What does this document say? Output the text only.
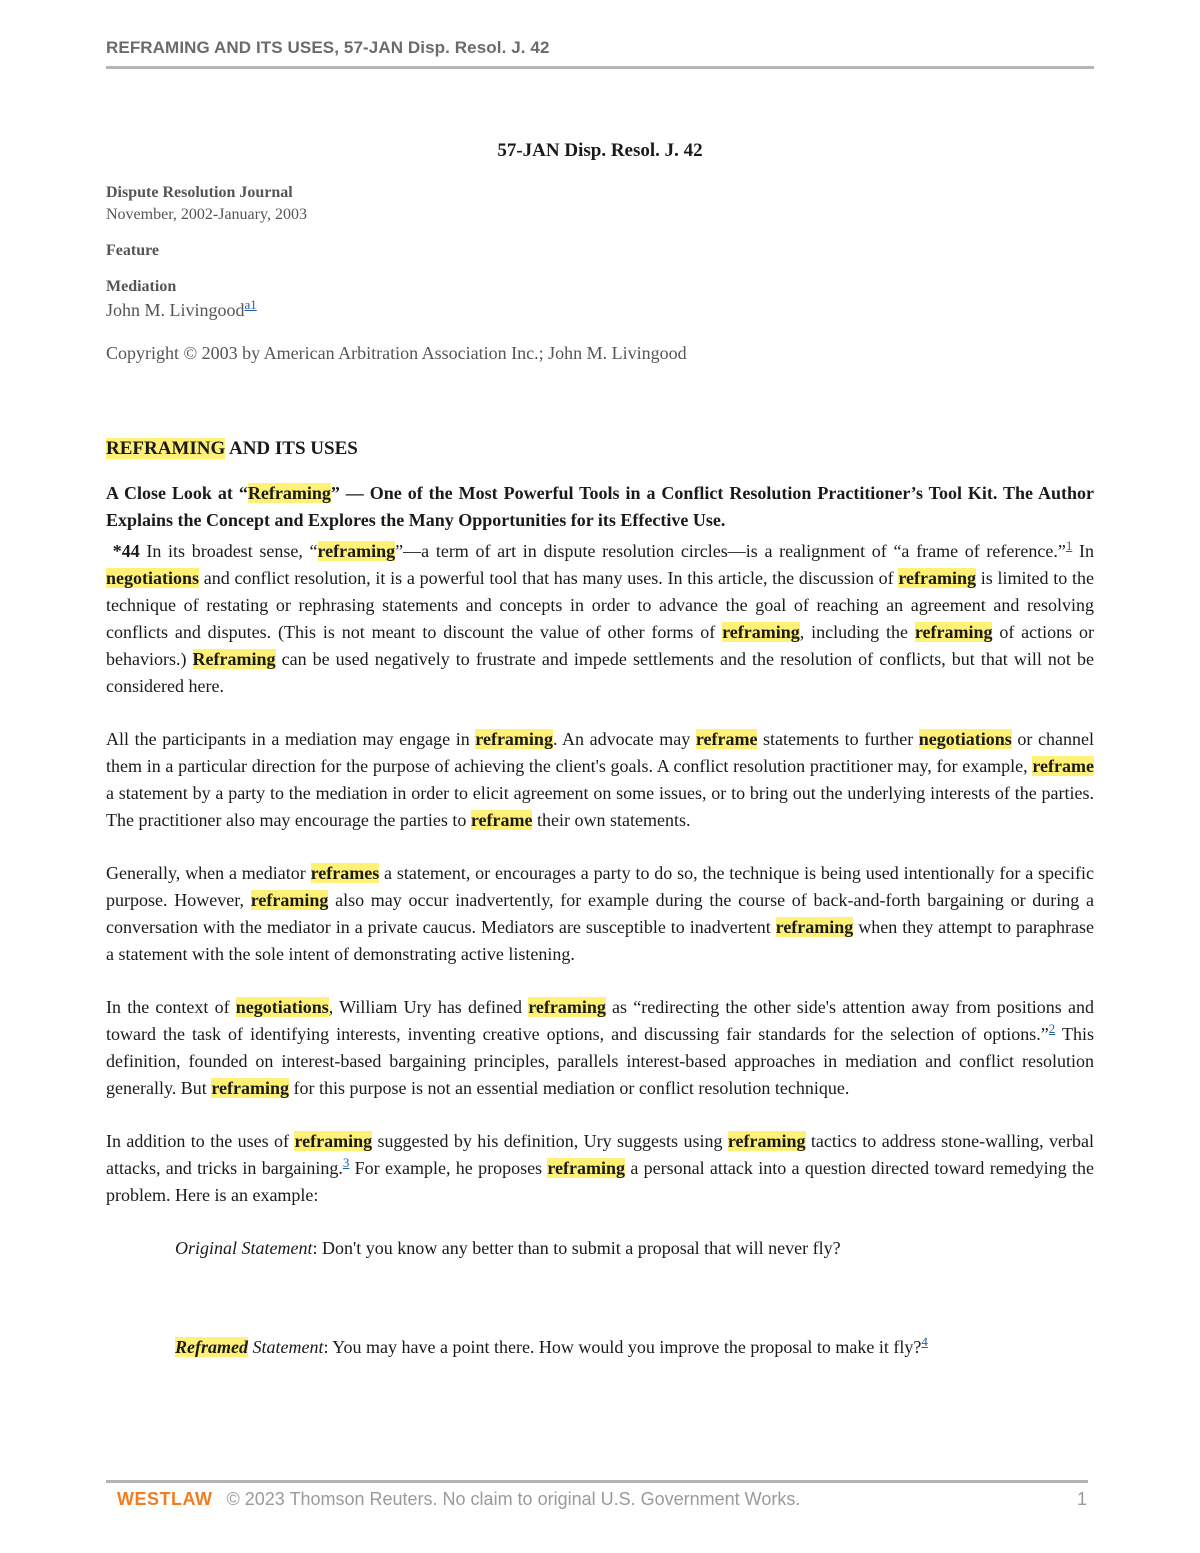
REFRAMING AND ITS USES, 57-JAN Disp. Resol. J. 42
57-JAN Disp. Resol. J. 42
Dispute Resolution Journal
November, 2002-January, 2003
Feature
Mediation
John M. Livingood$^{a1}$
Copyright © 2003 by American Arbitration Association Inc.; John M. Livingood
REFRAMING AND ITS USES
A Close Look at “Reframing” — One of the Most Powerful Tools in a Conflict Resolution Practitioner’s Tool Kit. The Author Explains the Concept and Explores the Many Opportunities for its Effective Use.

*44 In its broadest sense, “reframing”—a term of art in dispute resolution circles—is a realignment of “a frame of reference.”$^1$ In negotiations and conflict resolution, it is a powerful tool that has many uses. In this article, the discussion of reframing is limited to the technique of restating or rephrasing statements and concepts in order to advance the goal of reaching an agreement and resolving conflicts and disputes. (This is not meant to discount the value of other forms of reframing, including the reframing of actions or behaviors.) Reframing can be used negatively to frustrate and impede settlements and the resolution of conflicts, but that will not be considered here.

All the participants in a mediation may engage in reframing. An advocate may reframe statements to further negotiations or channel them in a particular direction for the purpose of achieving the client's goals. A conflict resolution practitioner may, for example, reframe a statement by a party to the mediation in order to elicit agreement on some issues, or to bring out the underlying interests of the parties. The practitioner also may encourage the parties to reframe their own statements.

Generally, when a mediator reframes a statement, or encourages a party to do so, the technique is being used intentionally for a specific purpose. However, reframing also may occur inadvertently, for example during the course of back-and-forth bargaining or during a conversation with the mediator in a private caucus. Mediators are susceptible to inadvertent reframing when they attempt to paraphrase a statement with the sole intent of demonstrating active listening.

In the context of negotiations, William Ury has defined reframing as “redirecting the other side's attention away from positions and toward the task of identifying interests, inventing creative options, and discussing fair standards for the selection of options.”$^2$ This definition, founded on interest-based bargaining principles, parallels interest-based approaches in mediation and conflict resolution generally. But reframing for this purpose is not an essential mediation or conflict resolution technique.

In addition to the uses of reframing suggested by his definition, Ury suggests using reframing tactics to address stone-walling, verbal attacks, and tricks in bargaining.$^3$ For example, he proposes reframing a personal attack into a question directed toward remedying the problem. Here is an example:

Original Statement: Don't you know any better than to submit a proposal that will never fly?
Reframed Statement: You may have a point there. How would you improve the proposal to make it fly?$^4$
WESTLAW © 2023 Thomson Reuters. No claim to original U.S. Government Works.	1
